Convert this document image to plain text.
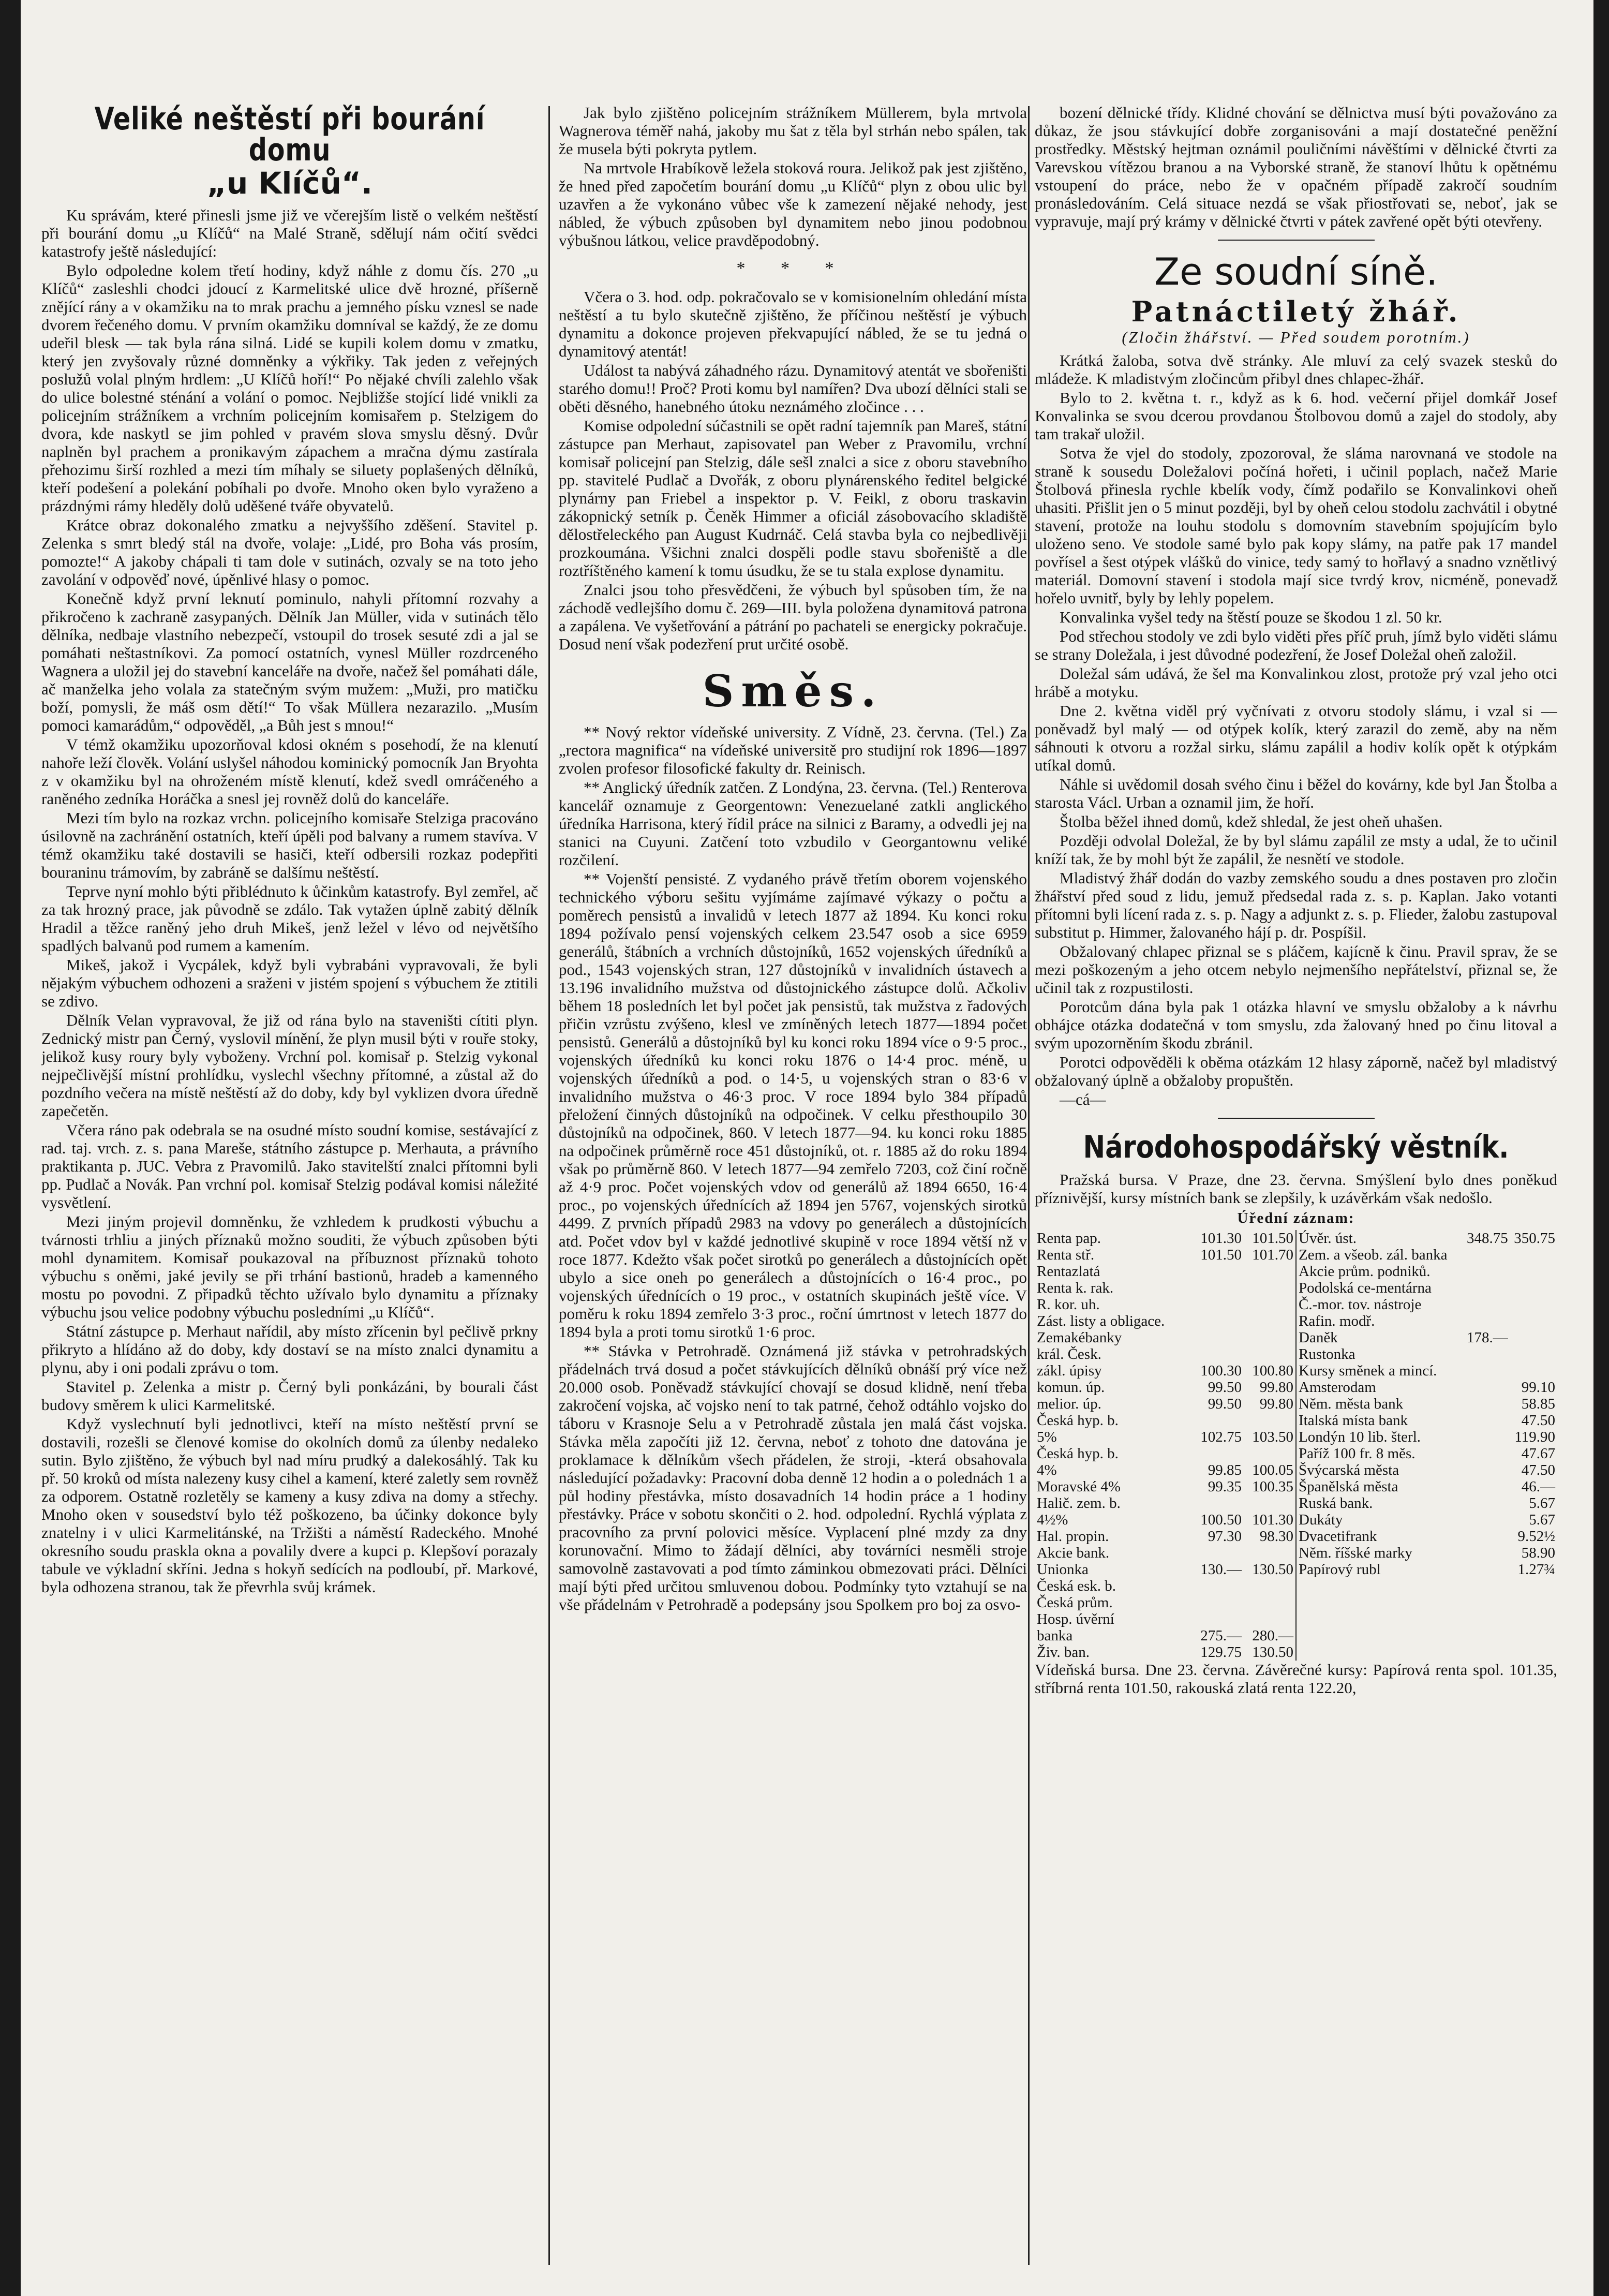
Veliké neštěstí při bourání domu
„u Klíčů“.

Ku správám, které přinesli jsme již ve včerejším listě o velkém neštěstí při bourání domu „u Klíčů“ na Malé Straně, sdělují nám očití svědci katastrofy ještě následující:

Bylo odpoledne kolem třetí hodiny, když náhle z domu čís. 270 „u Klíčů“ zasleshli chodci jdoucí z Karmelitské ulice dvě hrozné, příšerně znějící rány a v okamžiku na to mrak prachu a jemného písku vznesl se nade dvorem řečeného domu. V prvním okamžiku domníval se každý, že ze domu udeřil blesk — tak byla rána silná. Lidé se kupili kolem domu v zmatku, který jen zvyšovaly různé domněnky a výkřiky. Tak jeden z veřejných poslužů volal plným hrdlem: „U Klíčů hoří!“ Po nějaké chvíli zalehlo však do ulice bolestné sténání a volání o pomoc. Nejbližše stojící lidé vnikli za policejním strážníkem a vrchním policejním komisařem p. Stelzigem do dvora, kde naskytl se jim pohled v pravém slova smyslu děsný. Dvůr naplněn byl prachem a pronikavým zápachem a mračna dýmu zastírala přehozimu širší rozhled a mezi tím míhaly se siluety poplašených dělníků, kteří podešení a polekání pobíhali po dvoře. Mnoho oken bylo vyraženo a prázdnými rámy hleděly dolů uděšené tváře obyvatelů.

Krátce obraz dokonalého zmatku a nejvyššího zděšení. Stavitel p. Zelenka s smrt bledý stál na dvoře, volaje: „Lidé, pro Boha vás prosím, pomozte!“ A jakoby chápali ti tam dole v sutinách, ozvaly se na toto jeho zavolání v odpověď nové, úpěnlivé hlasy o pomoc.

Konečně když první leknutí pominulo, nahyli přítomní rozvahy a přikročeno k zachraně zasypaných. Dělník Jan Müller, vida v sutinách tělo dělníka, nedbaje vlastního nebezpečí, vstoupil do trosek sesuté zdi a jal se pomáhati neštastníkovi. Za pomocí ostatních, vynesl Müller rozdrceného Wagnera a uložil jej do stavební kanceláře na dvoře, načež šel pomáhati dále, ač manželka jeho volala za statečným svým mužem: „Muži, pro matičku boží, pomysli, že máš osm dětí!“ To však Müllera nezarazilo. „Musím pomoci kamarádům,“ odpověděl, „a Bůh jest s mnou!“

V témž okamžiku upozorňoval kdosi okném s posehodí, že na klenutí nahoře leží člověk. Volání uslyšel náhodou kominický pomocník Jan Bryohta z v okamžiku byl na ohroženém místě klenutí, kdež svedl omráčeného a raněného zedníka Horáčka a snesl jej rovněž dolů do kanceláře.

Mezi tím bylo na rozkaz vrchn. policejního komisaře Stelziga pracováno úsilovně na zachránění ostatních, kteří úpěli pod balvany a rumem stavíva. V témž okamžiku také dostavili se hasiči, kteří odbersili rozkaz podepřiti bouraninu trámovím, by zabráně se dalšímu neštěstí.

Teprve nyní mohlo býti přiblédnuto k ůčinkům katastrofy. Byl zemřel, ač za tak hrozný prace, jak původně se zdálo. Tak vytažen úplně zabitý dělník Hradil a těžce raněný jeho druh Mikeš, jenž ležel v lévo od největšího spadlých balvanů pod rumem a kamením.

Mikeš, jakož i Vycpálek, když byli vybrabáni vypravovali, že byli nějakým výbuchem odhozeni a sraženi v jistém spojení s výbuchem že ztitili se zdivo.

Dělník Velan vypravoval, že již od rána bylo na staveništi cítiti plyn. Zednický mistr pan Černý, vyslovil mínění, že plyn musil býti v rouře stoky, jelikož kusy roury byly vyboženy. Vrchní pol. komisař p. Stelzig vykonal nejpečlivější místní prohlídku, vyslechl všechny přítomné, a zůstal až do pozdního večera na místě neštěstí až do doby, kdy byl vyklizen dvora úředně zapečetěn.

Včera ráno pak odebrala se na osudné místo soudní komise, sestávající z rad. taj. vrch. z. s. pana Mareše, státního zástupce p. Merhauta, a právního praktikanta p. JUC. Vebra z Pravomilů. Jako stavitelští znalci přítomni byli pp. Pudlač a Novák. Pan vrchní pol. komisař Stelzig podával komisi náležité vysvětlení.

Mezi jiným projevil domněnku, že vzhledem k prudkosti výbuchu a tvárnosti trhliu a jiných příznaků možno souditi, že výbuch způsoben býti mohl dynamitem. Komisař poukazoval na příbuznost příznaků tohoto výbuchu s oněmi, jaké jevily se při trhání bastionů, hradeb a kamenného mostu po povodni. Z připadků těchto užívalo bylo dynamitu a příznaky výbuchu jsou velice podobny výbuchu posledními „u Klíčů“.

Státní zástupce p. Merhaut nařídil, aby místo zřícenin byl pečlivě prkny přikryto a hlídáno až do doby, kdy dostaví se na místo znalci dynamitu a plynu, aby i oni podali zprávu o tom.

Stavitel p. Zelenka a mistr p. Černý byli ponkázáni, by bourali část budovy směrem k ulici Karmelitské.

Když vyslechnutí byli jednotlivci, kteří na místo neštěstí první se dostavili, rozešli se členové komise do okolních domů za úlenby nedaleko sutin. Bylo zjištěno, že výbuch byl nad míru prudký a dalekosáhlý. Tak ku př. 50 kroků od místa nalezeny kusy cihel a kamení, které zaletly sem rovněž za odporem. Ostatně rozletěly se kameny a kusy zdiva na domy a střechy. Mnoho oken v sousedství bylo též poškozeno, ba účinky dokonce byly znatelny i v ulici Karmelitánské, na Tržišti a náměstí Radeckého. Mnohé okresního soudu praskla okna a povalily dvere a kupci p. Klepšoví porazaly tabule ve výkladní skříni. Jedna s hokyň sedících na podloubí, př. Markové, byla odhozena stranou, tak že převrhla svůj krámek.

Jak bylo zjištěno policejním strážníkem Müllerem, byla mrtvola Wagnerova téměř nahá, jakoby mu šat z těla byl strhán nebo spálen, tak že musela býti pokryta pytlem.

Na mrtvole Hrabíkově ležela stoková roura. Jelikož pak jest zjištěno, že hned před započetím bourání domu „u Klíčů“ plyn z obou ulic byl uzavřen a že vykonáno vůbec vše k zamezení nějaké nehody, jest nábled, že výbuch způsoben byl dynamitem nebo jinou podobnou výbušnou látkou, velice pravděpodobný.

* * *

Včera o 3. hod. odp. pokračovalo se v komisionelním ohledání místa neštěstí a tu bylo skutečně zjištěno, že příčinou neštěstí je výbuch dynamitu a dokonce projeven překvapující nábled, že se tu jedná o dynamitový atentát!

Událost ta nabývá záhadného rázu. Dynamitový atentát ve sbořeništi starého domu!! Proč? Proti komu byl namířen? Dva ubozí dělníci stali se oběti děsného, hanebného útoku neznámého zločince . . .

Komise odpolední súčastnili se opět radní tajemník pan Mareš, státní zástupce pan Merhaut, zapisovatel pan Weber z Pravomilu, vrchní komisař policejní pan Stelzig, dále sešl znalci a sice z oboru stavebního pp. stavitelé Pudlač a Dvořák, z oboru plynárenského ředitel belgické plynárny pan Friebel a inspektor p. V. Feikl, z oboru traskavin zákopnický setník p. Čeněk Himmer a oficiál zásobovacího skladiště dělostřeleckého pan August Kudrnáč. Celá stavba byla co nejbedlivěji prozkoumána. Všichni znalci dospěli podle stavu sbořeniště a dle roztříštěného kamení k tomu úsudku, že se tu stala explose dynamitu.

Znalci jsou toho přesvědčeni, že výbuch byl spůsoben tím, že na záchodě vedlejšího domu č. 269—III. byla položena dynamitová patrona a zapálena. Ve vyšetřování a pátrání po pachateli se energicky pokračuje. Dosud není však podezření prut určité osobě.

Směs.

** Nový rektor vídeňské university. Z Vídně, 23. června. (Tel.) Za „rectora magnifica“ na vídeňské universitě pro studijní rok 1896—1897 zvolen profesor filosofické fakulty dr. Reinisch.

** Anglický úředník zatčen. Z Londýna, 23. června. (Tel.) Renterova kancelář oznamuje z Georgentown: Venezuelané zatkli anglického úředníka Harrisona, který řídil práce na silnici z Baramy, a odvedli jej na stanici na Cuyuni. Zatčení toto vzbudilo v Georgantownu veliké rozčilení.

** Vojenští pensisté. Z vydaného právě třetím oborem vojenského technického výboru sešitu vyjímáme zajímavé výkazy o počtu a poměrech pensistů a invalidů v letech 1877 až 1894. Ku konci roku 1894 požívalo pensí vojenských celkem 23.547 osob a sice 6959 generálů, štábních a vrchních důstojníků, 1652 vojenských úředníků a pod., 1543 vojenských stran, 127 důstojníků v invalidních ústavech a 13.196 invalidního mužstva od důstojnického zástupce dolů. Ačkoliv během 18 posledních let byl počet jak pensistů, tak mužstva z řadových přičin vzrůstu zvýšeno, klesl ve zmíněných letech 1877—1894 počet pensistů. Generálů a důstojníků byl ku konci roku 1894 více o 9·5 proc., vojenských úředníků ku konci roku 1876 o 14·4 proc. méně, u vojenských úředníků a pod. o 14·5, u vojenských stran o 83·6 v invalidního mužstva o 46·3 proc. V roce 1894 bylo 384 případů přeložení činných důstojníků na odpočinek. V celku přesthoupilo 30 důstojníků na odpočinek, 860. V letech 1877—94. ku konci roku 1885 na odpočinek průměrně roce 451 důstojníků, ot. r. 1885 až do roku 1894 však po průměrně 860. V letech 1877—94 zemřelo 7203, což činí ročně až 4·9 proc. Počet vojenských vdov od generálů až 1894 6650, 16·4 proc., po vojenských úřednících až 1894 jen 5767, vojenských sirotků 4499. Z prvních případů 2983 na vdovy po generálech a důstojnících atd. Počet vdov byl v každé jednotlivé skupině v roce 1894 větší nž v roce 1877. Kdežto však počet sirotků po generálech a důstojnících opět ubylo a sice oneh po generálech a důstojnících o 16·4 proc., po vojenských úřednících o 19 proc., v ostatních skupinách ještě více. V poměru k roku 1894 zemřelo 3·3 proc., roční úmrtnost v letech 1877 do 1894 byla a proti tomu sirotků 1·6 proc.

** Stávka v Petrohradě. Oznámená již stávka v petrohradských přádelnách trvá dosud a počet stávkujících dělníků obnáší prý více než 20.000 osob. Poněvadž stávkující chovají se dosud klidně, není třeba zakročení vojska, ač vojsko není to tak patrné, čehož odtáhlo vojsko do táboru v Krasnoje Selu a v Petrohradě zůstala jen malá část vojska. Stávka měla započíti již 12. června, neboť z tohoto dne datována je proklamace k dělníkům všech přádelen, že stroji, -která obsahovala následující požadavky: Pracovní doba denně 12 hodin a o polednách 1 a půl hodiny přestávka, místo dosavadních 14 hodin práce a 1 hodiny přestávky. Práce v sobotu skončiti o 2. hod. odpolední. Rychlá výplata z pracovního za první polovici měsíce. Vyplacení plné mzdy za dny korunovační. Mimo to žádají dělníci, aby továrníci nesměli stroje samovolně zastavovati a pod tímto záminkou obmezovati práci. Dělníci mají býti před určitou smluvenou dobou. Podmínky tyto vztahují se na vše přádelnám v Petrohradě a podepsány jsou Spolkem pro boj za osvo-

bození dělnické třídy. Klidné chování se dělnictva musí býti považováno za důkaz, že jsou stávkující dobře zorganisováni a mají dostatečné peněžní prostředky. Městský hejtman oznámil pouličními návěštími v dělnické čtvrti za Varevskou vítězou branou a na Vyborské straně, že stanoví lhůtu k opětnému vstoupení do práce, nebo že v opačném případě zakročí soudním pronásledováním. Celá situace nezdá se však přiostřovati se, neboť, jak se vypravuje, mají prý krámy v dělnické čtvrti v pátek zavřené opět býti otevřeny.

Ze soudní síně.
Patnáctiletý žhář.
(Zločin žhářství. — Před soudem porotním.)

Krátká žaloba, sotva dvě stránky. Ale mluví za celý svazek stesků do mládeže. K mladistvým zločincům přibyl dnes chlapec-žhář.

Bylo to 2. května t. r., když as k 6. hod. večerní přijel domkář Josef Konvalinka se svou dcerou provdanou Štolbovou domů a zajel do stodoly, aby tam trakař uložil.

Sotva že vjel do stodoly, zpozoroval, že sláma narovnaná ve stodole na straně k sousedu Doležalovi počíná hořeti, i učinil poplach, načež Marie Štolbová přinesla rychle kbelík vody, čímž podařilo se Konvalinkovi oheň uhasiti. Přišlit jen o 5 minut později, byl by oheň celou stodolu zachvátil i obytné stavení, protože na louhu stodolu s domovním stavebním spojujícím bylo uloženo seno. Ve stodole samé bylo pak kopy slámy, na patře pak 17 mandel povřísel a šest otýpek vlášků do vinice, tedy samý to hořlavý a snadno vznětlivý materiál. Domovní stavení i stodola mají sice tvrdý krov, nicméně, ponevadž hořelo uvnitř, byly by lehly popelem.

Konvalinka vyšel tedy na štěstí pouze se škodou 1 zl. 50 kr.

Pod střechou stodoly ve zdi bylo viděti přes příč pruh, jímž bylo viděti slámu se strany Doležala, i jest důvodné podezření, že Josef Doležal oheň založil.

Doležal sám udává, že šel ma Konvalinkou zlost, protože prý vzal jeho otci hrábě a motyku.

Dne 2. května viděl prý vyčnívati z otvoru stodoly slámu, i vzal si — poněvadž byl malý — od otýpek kolík, který zarazil do země, aby na něm sáhnouti k otvoru a rozžal sirku, slámu zapálil a hodiv kolík opět k otýpkám utíkal domů.

Náhle si uvědomil dosah svého činu i běžel do kovárny, kde byl Jan Štolba a starosta Václ. Urban a oznamil jim, že hoří.

Štolba běžel ihned domů, kdež shledal, že jest oheň uhašen.

Později odvolal Doležal, že by byl slámu zapálil ze msty a udal, že to učinil kníží tak, že by mohl být že zapálil, že nesnětí ve stodole.

Mladistvý žhář dodán do vazby zemského soudu a dnes postaven pro zločin žhářství před soud z lidu, jemuž předsedal rada z. s. p. Kaplan. Jako votanti přítomni byli lícení rada z. s. p. Nagy a adjunkt z. s. p. Flieder, žalobu zastupoval substitut p. Himmer, žalovaného hájí p. dr. Pospíšil.

Obžalovaný chlapec přiznal se s pláčem, kajícně k činu. Pravil sprav, že se mezi poškozeným a jeho otcem nebylo nejmenšího nepřátelství, přiznal se, že učinil tak z rozpustilosti.

Porotcům dána byla pak 1 otázka hlavní ve smyslu obžaloby a k návrhu obhájce otázka dodatečná v tom smyslu, zda žalovaný hned po činu litoval a svým upozorněním škodu zbránil.

Porotci odpověděli k oběma otázkám 12 hlasy záporně, načež byl mladistvý obžalovaný úplně a obžaloby propuštěn.

—cá—

Národohospodářský věstník.

Pražská bursa. V Praze, dne 23. června. Smýšlení bylo dnes poněkud příznivější, kursy místních bank se zlepšily, k uzávěrkám však nedošlo.

Úřední záznam:
Renta pap.	101.30	101.50
Renta stř.	101.50	101.70
Rentazlatá		
Renta k. rak.		
R. kor. uh.		
Zást. listy a obligace.		
Zemakébanky		
král. Česk.		
zákl. úpisy	100.30	100.80
komun. úp.	99.50	99.80
melior. úp.	99.50	99.80
Česká hyp. b.		
5%	102.75	103.50
Česká hyp. b.		
4%	99.85	100.05
Moravské 4%	99.35	100.35
Halič. zem. b.		
4½%	100.50	101.30
Hal. propin.	97.30	98.30
Akcie bank.		
Unionka	130.—	130.50
Česká esk. b.		
Česká prům.		
Hosp. úvěrní		
banka	275.—	280.—
Živ. ban.	129.75	130.50

Úvěr. úst.	348.75	350.75
Zem. a všeob. zál. banka		
Akcie prům. podniků.		
Podolská ce-mentárna		
Č.-mor. tov. nástroje		
Rafin. modř.		
Daněk	178.—	
Rustonka		
Kursy směnek a mincí.		
Amsterodam		99.10
Něm. města bank		58.85
Italská místa bank		47.50
Londýn 10 lib. šterl.		119.90
Paříž 100 fr. 8 měs.		47.67
Švýcarská města		47.50
Španělská města		46.—
Ruská bank.		5.67
Dukáty		5.67
Dvacetifrank		9.52½
Něm. říšské marky		58.90
Papírový rubl		1.27¾

Vídeňská bursa. Dne 23. června. Závěrečné kursy: Papírová renta spol. 101.35, stříbrná renta 101.50, rakouská zlatá renta 122.20,
